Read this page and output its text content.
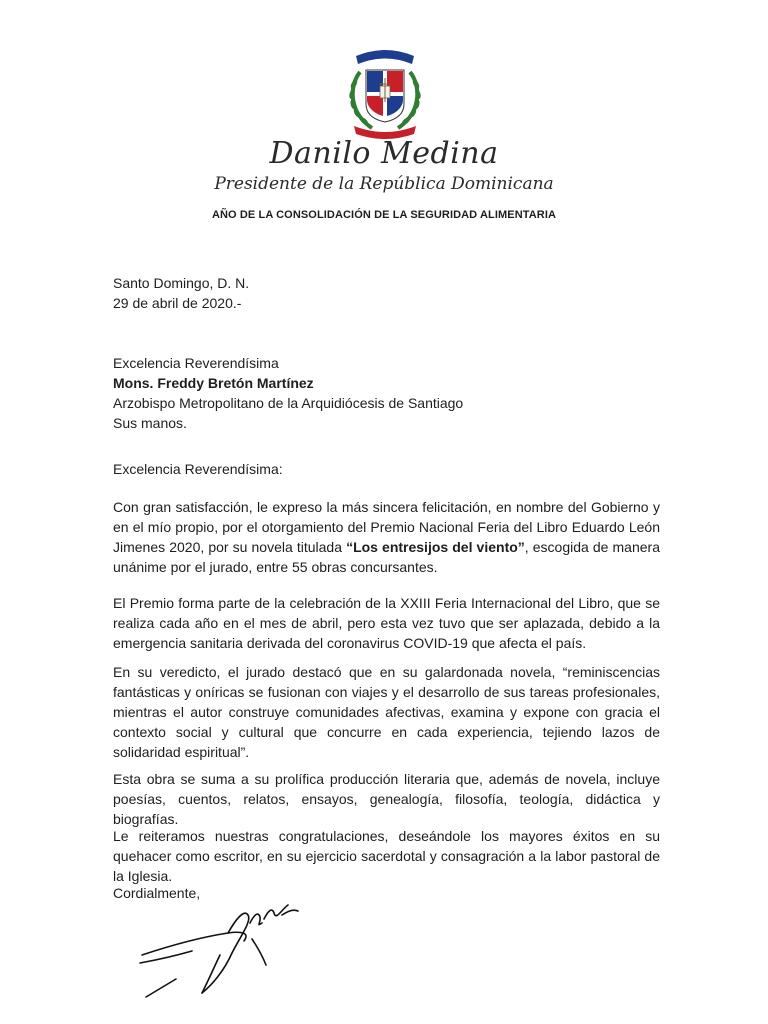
Danilo Medina
Presidente de la República Dominicana
AÑO DE LA CONSOLIDACIÓN DE LA SEGURIDAD ALIMENTARIA
Santo Domingo, D. N.
29 de abril de 2020.-
Excelencia Reverendísima
Mons. Freddy Bretón Martínez
Arzobispo Metropolitano de la Arquidiócesis de Santiago
Sus manos.
Excelencia Reverendísima:
Con gran satisfacción, le expreso la más sincera felicitación, en nombre del Gobierno y en el mío propio, por el otorgamiento del Premio Nacional Feria del Libro Eduardo León Jimenes 2020, por su novela titulada “Los entresijos del viento”, escogida de manera unánime por el jurado, entre 55 obras concursantes.
El Premio forma parte de la celebración de la XXIII Feria Internacional del Libro, que se realiza cada año en el mes de abril, pero esta vez tuvo que ser aplazada, debido a la emergencia sanitaria derivada del coronavirus COVID-19 que afecta el país.
En su veredicto, el jurado destacó que en su galardonada novela, “reminiscencias fantásticas y oníricas se fusionan con viajes y el desarrollo de sus tareas profesionales, mientras el autor construye comunidades afectivas, examina y expone con gracia el contexto social y cultural que concurre en cada experiencia, tejiendo lazos de solidaridad espiritual”.
Esta obra se suma a su prolífica producción literaria que, además de novela, incluye poesías, cuentos, relatos, ensayos, genealogía, filosofía, teología, didáctica y biografías.
Le reiteramos nuestras congratulaciones, deseándole los mayores éxitos en su quehacer como escritor, en su ejercicio sacerdotal y consagración a la labor pastoral de la Iglesia.
Cordialmente,
